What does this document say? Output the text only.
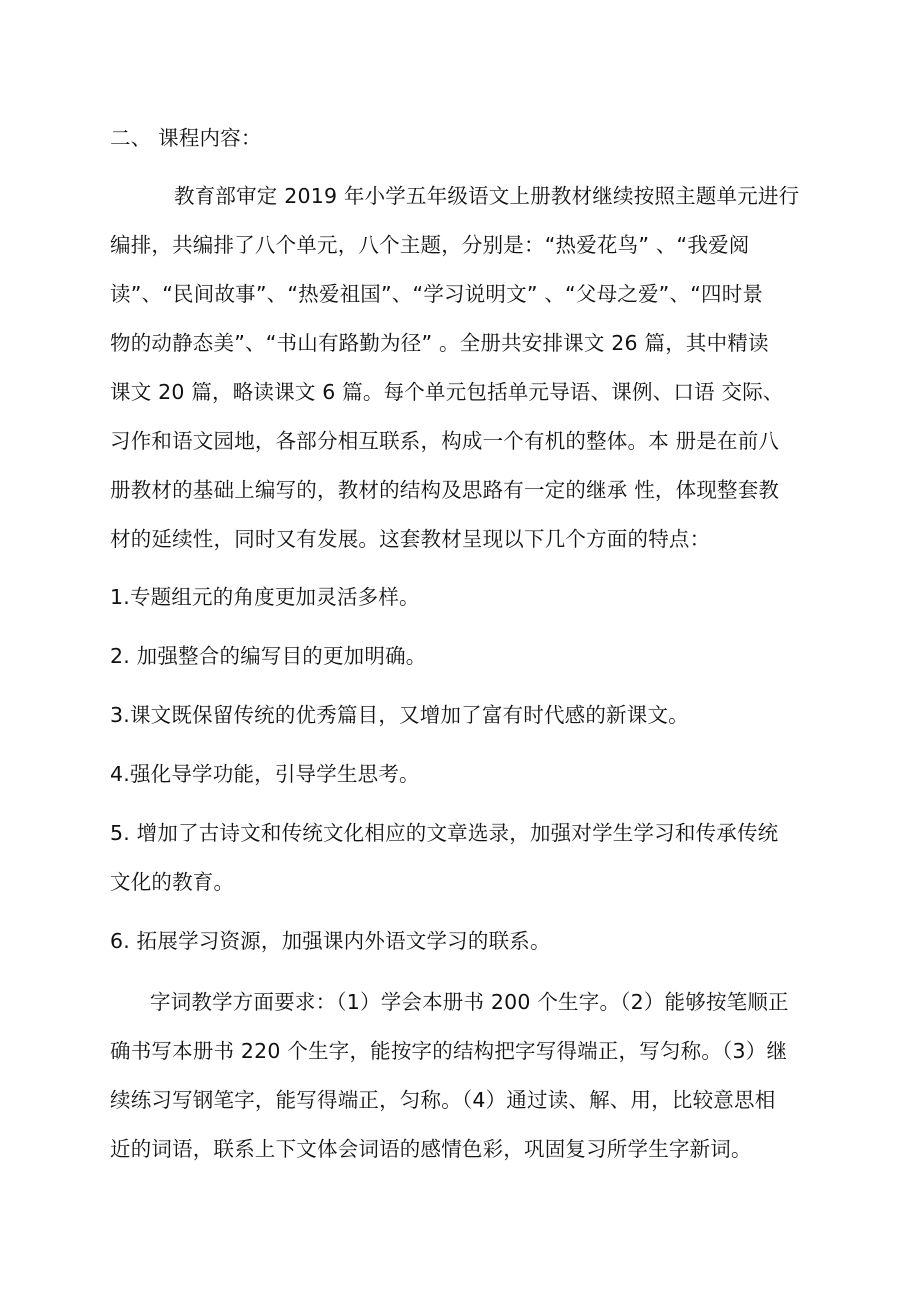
二、 课程内容：
教育部审定 2019 年小学五年级语文上册教材继续按照主题单元进行
编排，共编排了八个单元，八个主题，分别是：“热爱花鸟” 、“我爱阅
读”、“民间故事”、“热爱祖国”、“学习说明文” 、“父母之爱”、“四时景
物的动静态美”、“书山有路勤为径” 。全册共安排课文 26 篇，其中精读
课文 20 篇，略读课文 6 篇。每个单元包括单元导语、课例、口语 交际、
习作和语文园地，各部分相互联系，构成一个有机的整体。本 册是在前八
册教材的基础上编写的，教材的结构及思路有一定的继承 性，体现整套教
材的延续性，同时又有发展。这套教材呈现以下几个方面的特点：
1.专题组元的角度更加灵活多样。
2. 加强整合的编写目的更加明确。
3.课文既保留传统的优秀篇目，又增加了富有时代感的新课文。
4.强化导学功能，引导学生思考。
5. 增加了古诗文和传统文化相应的文章选录，加强对学生学习和传承传统
文化的教育。
6. 拓展学习资源，加强课内外语文学习的联系。
字词教学方面要求：（1）学会本册书 200 个生字。（2）能够按笔顺正
确书写本册书 220 个生字，能按字的结构把字写得端正，写匀称。（3）继
续练习写钢笔字，能写得端正，匀称。（4）通过读、解、用，比较意思相
近的词语，联系上下文体会词语的感情色彩，巩固复习所学生字新词。
